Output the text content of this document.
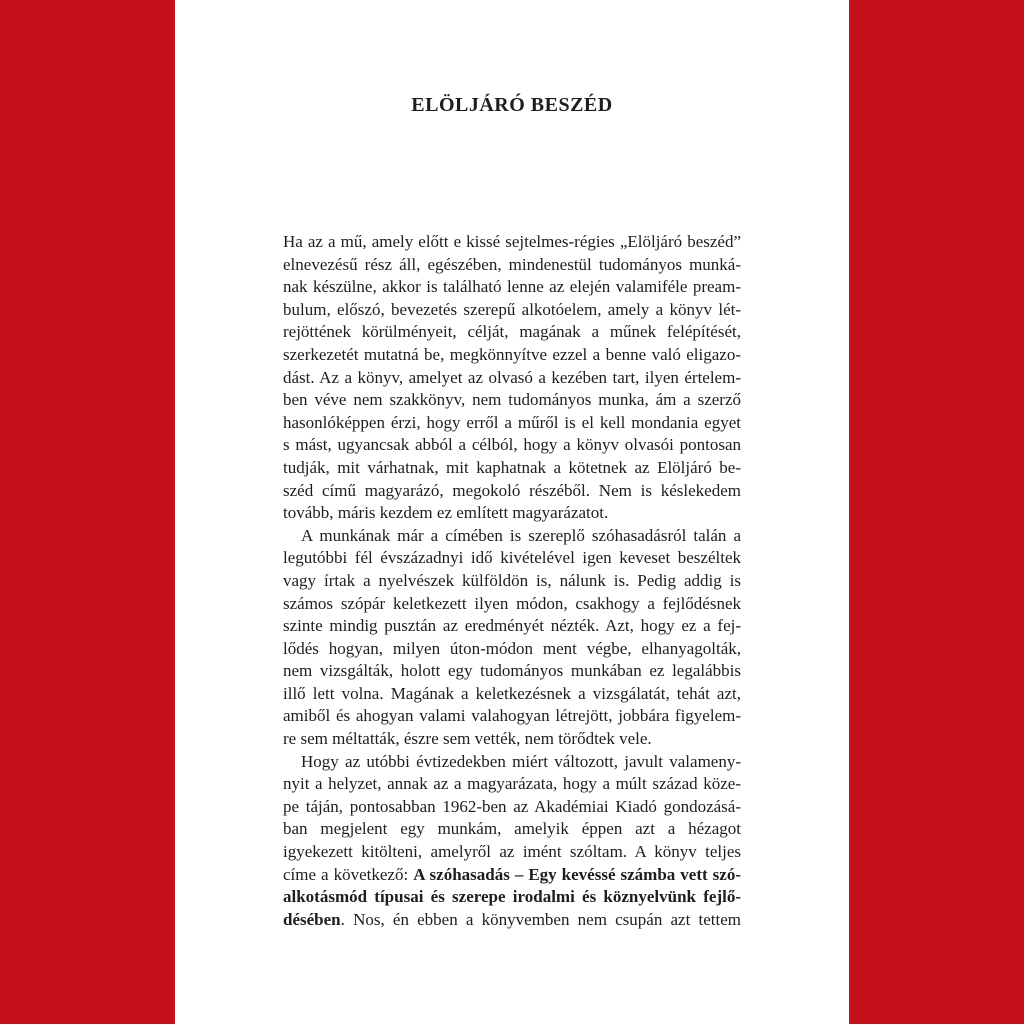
ELÖLJÁRÓ BESZÉD
Ha az a mű, amely előtt e kissé sejtelmes-régies „Elöljáró beszéd”
elnevezésű rész áll, egészében, mindenestül tudományos munká-
nak készülne, akkor is található lenne az elején valamiféle pream-
bulum, előszó, bevezetés szerepű alkotóelem, amely a könyv lét-
rejöttének körülményeit, célját, magának a műnek felépítését,
szerkezetét mutatná be, megkönnyítve ezzel a benne való eligazo-
dást. Az a könyv, amelyet az olvasó a kezében tart, ilyen értelem-
ben véve nem szakkönyv, nem tudományos munka, ám a szerző
hasonlóképpen érzi, hogy erről a műről is el kell mondania egyet
s mást, ugyancsak abból a célból, hogy a könyv olvasói pontosan
tudják, mit várhatnak, mit kaphatnak a kötetnek az Elöljáró be-
széd című magyarázó, megokoló részéből. Nem is késlekedem
tovább, máris kezdem ez említett magyarázatot.
A munkának már a címében is szereplő szóhasadásról talán a
legutóbbi fél évszázadnyi idő kivételével igen keveset beszéltek
vagy írtak a nyelvészek külföldön is, nálunk is. Pedig addig is
számos szópár keletkezett ilyen módon, csakhogy a fejlődésnek
szinte mindig pusztán az eredményét nézték. Azt, hogy ez a fej-
lődés hogyan, milyen úton-módon ment végbe, elhanyagolták,
nem vizsgálták, holott egy tudományos munkában ez legalábbis
illő lett volna. Magának a keletkezésnek a vizsgálatát, tehát azt,
amiből és ahogyan valami valahogyan létrejött, jobbára figyelem-
re sem méltatták, észre sem vették, nem törődtek vele.
Hogy az utóbbi évtizedekben miért változott, javult valameny-
nyit a helyzet, annak az a magyarázata, hogy a múlt század köze-
pe táján, pontosabban 1962-ben az Akadémiai Kiadó gondozásá-
ban megjelent egy munkám, amelyik éppen azt a hézagot
igyekezett kitölteni, amelyről az imént szóltam. A könyv teljes
címe a következő: A szóhasadás – Egy kevéssé számba vett szó-
alkotásmód típusai és szerepe irodalmi és köznyelvünk fejlő-
désében. Nos, én ebben a könyvemben nem csupán azt tettem
